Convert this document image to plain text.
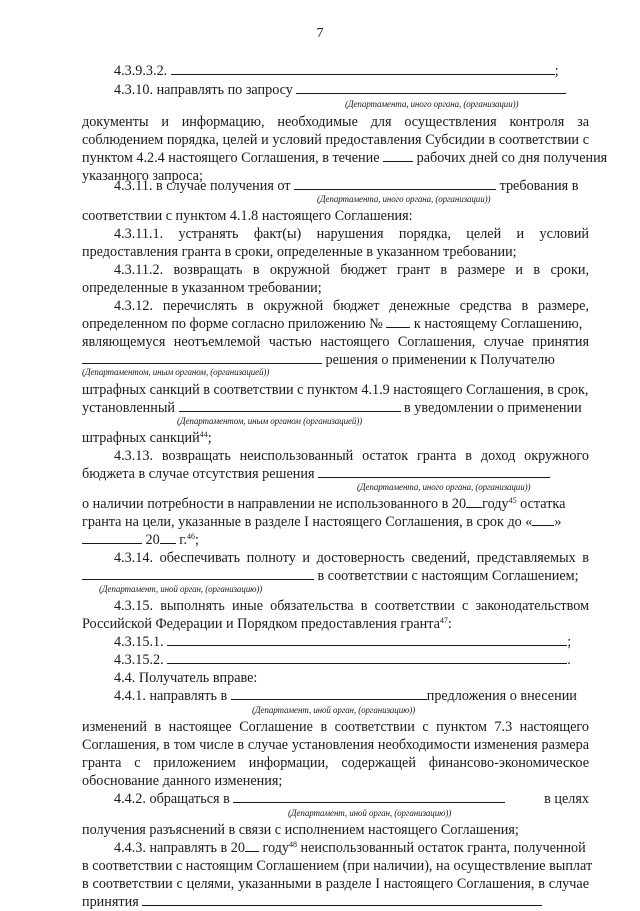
7
4.3.9.3.2.	;
4.3.10. направлять по запросу
(Департамента, иного органа, (организации))
документы и информацию, необходимые для осуществления контроля за
соблюдением порядка, целей и условий предоставления Субсидии в соответствии с
пунктом 4.2.4 настоящего Соглашения, в течение	рабочих дней со дня получения
указанного запроса;
4.3.11. в случае получения от	требования в
(Департамента, иного органа, (организации))
соответствии с пунктом 4.1.8 настоящего Соглашения:
4.3.11.1. устранять факт(ы) нарушения порядка, целей и условий
предоставления гранта в сроки, определенные в указанном требовании;
4.3.11.2. возвращать в окружной бюджет грант в размере и в сроки,
определенные в указанном требовании;
4.3.12. перечислять в окружной бюджет денежные средства в размере,
определенном по форме согласно приложению № к настоящему Соглашению,
являющемуся неотъемлемой частью настоящего Соглашения, случае принятия
решения о применении к Получателю
(Департаментом, иным органом, (организацией))
штрафных санкций в соответствии с пунктом 4.1.9 настоящего Соглашения, в срок,
установленный	в уведомлении о применении
(Департаментом, иным органом (организацией))
штрафных санкций$^{44}$;
4.3.13. возвращать неиспользованный остаток гранта в доход окружного
бюджета в случае отсутствия решения
(Департамента, иного органа, (организации))
о наличии потребности в направлении не использованного в 20 году$^{45}$ остатка
гранта на цели, указанные в разделе I настоящего Соглашения, в срок до « »
20 г.$^{46}$;
4.3.14. обеспечивать полноту и достоверность сведений, представляемых в
в соответствии с настоящим Соглашением;
(Департамент, иной орган, (организацию))
4.3.15. выполнять иные обязательства в соответствии с законодательством
Российской Федерации и Порядком предоставления гранта$^{47}$:
4.3.15.1.	;
4.3.15.2.	.
4.4. Получатель вправе:
4.4.1. направлять в	предложения о внесении
(Департамент, иной орган, (организацию))
изменений в настоящее Соглашение в соответствии с пунктом 7.3 настоящего
Соглашения, в том числе в случае установления необходимости изменения размера
гранта с приложением информации, содержащей финансово-экономическое
обоснование данного изменения;
4.4.2. обращаться в	в целях
(Департамент, иной орган, (организацию))
получения разъяснений в связи с исполнением настоящего Соглашения;
4.4.3. направлять в 20 году$^{48}$ неиспользованный остаток гранта, полученной
в соответствии с настоящим Соглашением (при наличии), на осуществление выплат
в соответствии с целями, указанными в разделе I настоящего Соглашения, в случае
принятия
